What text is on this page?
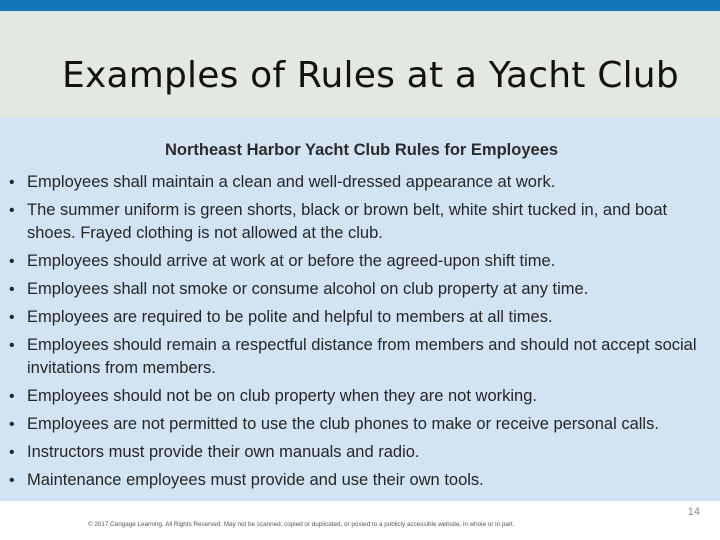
Examples of Rules at a Yacht Club
Northeast Harbor Yacht Club Rules for Employees
• Employees shall maintain a clean and well-dressed appearance at work.
• The summer uniform is green shorts, black or brown belt, white shirt tucked in, and boat shoes. Frayed clothing is not allowed at the club.
• Employees should arrive at work at or before the agreed-upon shift time.
• Employees shall not smoke or consume alcohol on club property at any time.
• Employees are required to be polite and helpful to members at all times.
• Employees should remain a respectful distance from members and should not accept social invitations from members.
• Employees should not be on club property when they are not working.
• Employees are not permitted to use the club phones to make or receive personal calls.
• Instructors must provide their own manuals and radio.
• Maintenance employees must provide and use their own tools.
14
© 2017 Cengage Learning. All Rights Reserved. May not be scanned, copied or duplicated, or posted to a publicly accessible website, in whole or in part.
